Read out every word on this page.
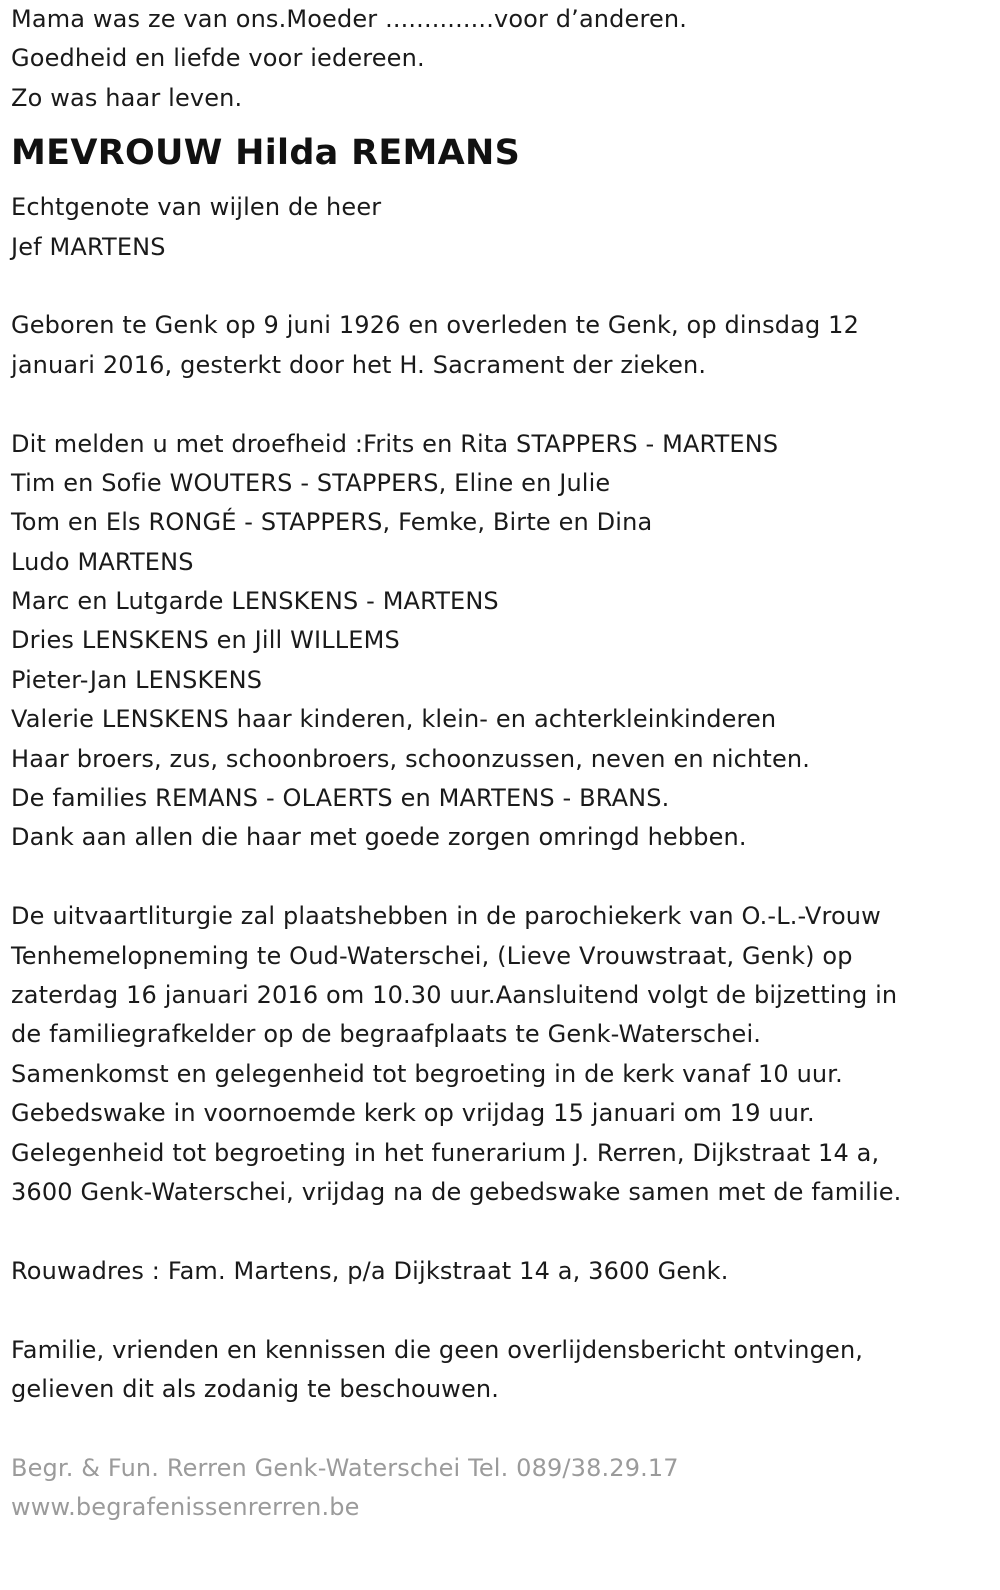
Mama was ze van ons.Moeder ..............voor d’anderen.
Goedheid en liefde voor iedereen.
Zo was haar leven.
MEVROUW Hilda REMANS
Echtgenote van wijlen de heer
Jef MARTENS
Geboren te Genk op 9 juni 1926 en overleden te Genk, op dinsdag 12
januari 2016, gesterkt door het H. Sacrament der zieken.
Dit melden u met droefheid :Frits en Rita STAPPERS - MARTENS
Tim en Sofie WOUTERS - STAPPERS, Eline en Julie
Tom en Els RONGÉ - STAPPERS, Femke, Birte en Dina
Ludo MARTENS
Marc en Lutgarde LENSKENS - MARTENS
Dries LENSKENS en Jill WILLEMS
Pieter-Jan LENSKENS
Valerie LENSKENS haar kinderen, klein- en achterkleinkinderen
Haar broers, zus, schoonbroers, schoonzussen, neven en nichten.
De families REMANS - OLAERTS en MARTENS - BRANS.
Dank aan allen die haar met goede zorgen omringd hebben.
De uitvaartliturgie zal plaatshebben in de parochiekerk van O.-L.-Vrouw
Tenhemelopneming te Oud-Waterschei, (Lieve Vrouwstraat, Genk) op
zaterdag 16 januari 2016 om 10.30 uur.Aansluitend volgt de bijzetting in
de familiegrafkelder op de begraafplaats te Genk-Waterschei.
Samenkomst en gelegenheid tot begroeting in de kerk vanaf 10 uur.
Gebedswake in voornoemde kerk op vrijdag 15 januari om 19 uur.
Gelegenheid tot begroeting in het funerarium J. Rerren, Dijkstraat 14 a,
3600 Genk-Waterschei, vrijdag na de gebedswake samen met de familie.
Rouwadres : Fam. Martens, p/a Dijkstraat 14 a, 3600 Genk.
Familie, vrienden en kennissen die geen overlijdensbericht ontvingen,
gelieven dit als zodanig te beschouwen.
Begr. & Fun. Rerren Genk-Waterschei Tel. 089/38.29.17
www.begrafenissenrerren.be
